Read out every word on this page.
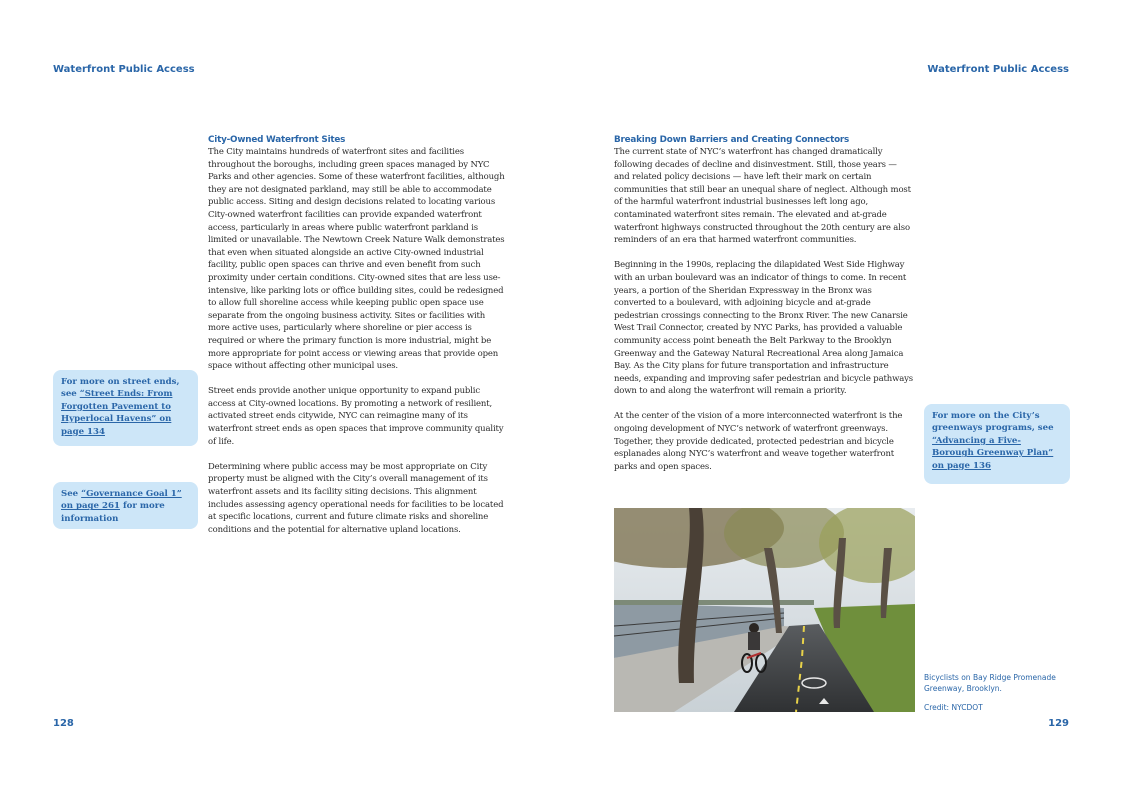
Waterfront Public Access	Waterfront Public Access
City-Owned Waterfront Sites

The City maintains hundreds of waterfront sites and facilities throughout the boroughs, including green spaces managed by NYC Parks and other agencies. Some of these waterfront facilities, although they are not designated parkland, may still be able to accommodate public access. Siting and design decisions related to locating various City-owned waterfront facilities can provide expanded waterfront access, particularly in areas where public waterfront parkland is limited or unavailable. The Newtown Creek Nature Walk demonstrates that even when situated alongside an active City-owned industrial facility, public open spaces can thrive and even benefit from such proximity under certain conditions. City-owned sites that are less use-intensive, like parking lots or office building sites, could be redesigned to allow full shoreline access while keeping public open space use separate from the ongoing business activity. Sites or facilities with more active uses, particularly where shoreline or pier access is required or where the primary function is more industrial, might be more appropriate for point access or viewing areas that provide open space without affecting other municipal uses.

Street ends provide another unique opportunity to expand public access at City-owned locations. By promoting a network of resilient, activated street ends citywide, NYC can reimagine many of its waterfront street ends as open spaces that improve community quality of life.

Determining where public access may be most appropriate on City property must be aligned with the City’s overall management of its waterfront assets and its facility siting decisions. This alignment includes assessing agency operational needs for facilities to be located at specific locations, current and future climate risks and shoreline conditions and the potential for alternative upland locations.

Breaking Down Barriers and Creating Connectors

The current state of NYC’s waterfront has changed dramatically following decades of decline and disinvestment. Still, those years — and related policy decisions — have left their mark on certain communities that still bear an unequal share of neglect. Although most of the harmful waterfront industrial businesses left long ago, contaminated waterfront sites remain. The elevated and at-grade waterfront highways constructed throughout the 20th century are also reminders of an era that harmed waterfront communities.

Beginning in the 1990s, replacing the dilapidated West Side Highway with an urban boulevard was an indicator of things to come. In recent years, a portion of the Sheridan Expressway in the Bronx was converted to a boulevard, with adjoining bicycle and at-grade pedestrian crossings connecting to the Bronx River. The new Canarsie West Trail Connector, created by NYC Parks, has provided a valuable community access point beneath the Belt Parkway to the Brooklyn Greenway and the Gateway Natural Recreational Area along Jamaica Bay. As the City plans for future transportation and infrastructure needs, expanding and improving safer pedestrian and bicycle pathways down to and along the waterfront will remain a priority.

At the center of the vision of a more interconnected waterfront is the ongoing development of NYC’s network of waterfront greenways. Together, they provide dedicated, protected pedestrian and bicycle esplanades along NYC’s waterfront and weave together waterfront parks and open spaces.

For more on street ends, see “Street Ends: From Forgotten Pavement to Hyperlocal Havens” on page 134
See “Governance Goal 1” on page 261 for more information
For more on the City’s greenways programs, see “Advancing a Five-Borough Greenway Plan” on page 136
Bicyclists on Bay Ridge Promenade Greenway, Brooklyn.
Credit: NYCDOT
128	129
